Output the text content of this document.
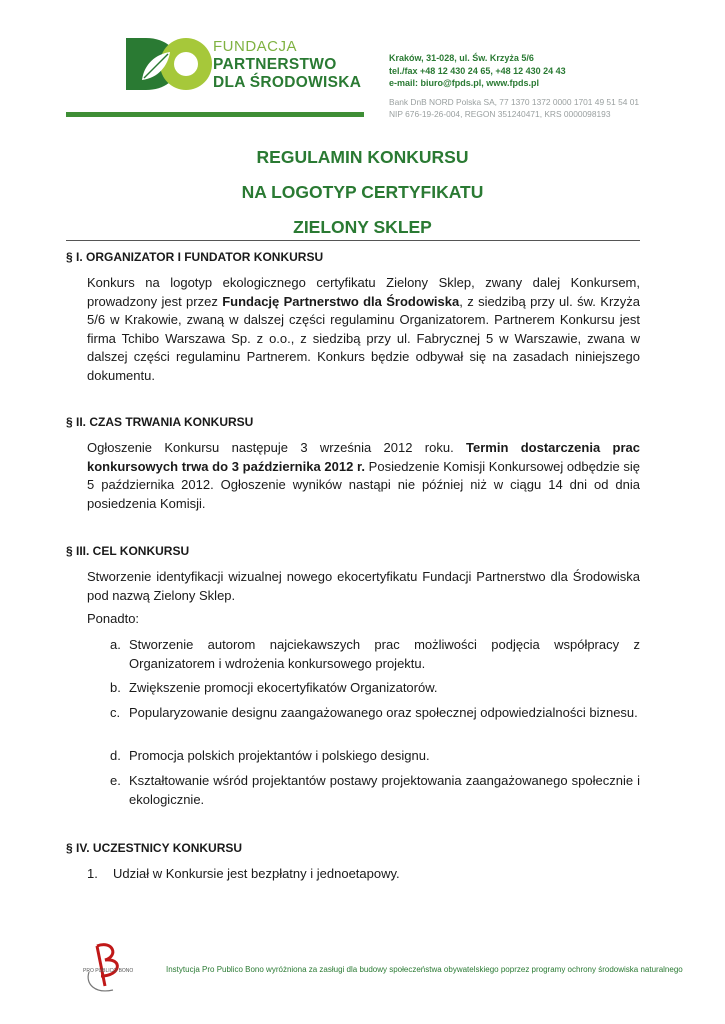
FUNDACJA
PARTNERSTWO
DLA ŚRODOWISKA
Kraków, 31-028, ul. Św. Krzyża 5/6
tel./fax +48 12 430 24 65, +48 12 430 24 43
e-mail: biuro@fpds.pl, www.fpds.pl
Bank DnB NORD Polska SA, 77 1370 1372 0000 1701 49 51 54 01
NIP 676-19-26-004, REGON 351240471, KRS 0000098193
REGULAMIN KONKURSU
NA LOGOTYP CERTYFIKATU
ZIELONY SKLEP
§ I. ORGANIZATOR I FUNDATOR KONKURSU
Konkurs na logotyp ekologicznego certyfikatu Zielony Sklep, zwany dalej Konkursem, prowadzony jest przez Fundację Partnerstwo dla Środowiska, z siedzibą przy ul. św. Krzyża 5/6 w Krakowie, zwaną w dalszej części regulaminu Organizatorem. Partnerem Konkursu jest firma Tchibo Warszawa Sp. z o.o., z siedzibą przy ul. Fabrycznej 5 w Warszawie, zwana w dalszej części regulaminu Partnerem. Konkurs będzie odbywał się na zasadach niniejszego dokumentu.
§ II. CZAS TRWANIA KONKURSU
Ogłoszenie Konkursu następuje 3 września 2012 roku. Termin dostarczenia prac konkursowych trwa do 3 października 2012 r. Posiedzenie Komisji Konkursowej odbędzie się 5 października 2012. Ogłoszenie wyników nastąpi nie później niż w ciągu 14 dni od dnia posiedzenia Komisji.
§ III. CEL KONKURSU
Stworzenie identyfikacji wizualnej nowego ekocertyfikatu Fundacji Partnerstwo dla Środowiska pod nazwą Zielony Sklep.
Ponadto:
a. Stworzenie autorom najciekawszych prac możliwości podjęcia współpracy z Organizatorem i wdrożenia konkursowego projektu.
b. Zwiększenie promocji ekocertyfikatów Organizatorów.
c. Popularyzowanie designu zaangażowanego oraz społecznej odpowiedzialności biznesu.
d. Promocja polskich projektantów i polskiego designu.
e. Kształtowanie wśród projektantów postawy projektowania zaangażowanego społecznie i ekologicznie.
§ IV. UCZESTNICY KONKURSU
1. Udział w Konkursie jest bezpłatny i jednoetapowy.
PRO PUBLICO BONO	Instytucja Pro Publico Bono wyróżniona za zasługi dla budowy społeczeństwa obywatelskiego poprzez programy ochrony środowiska naturalnego
